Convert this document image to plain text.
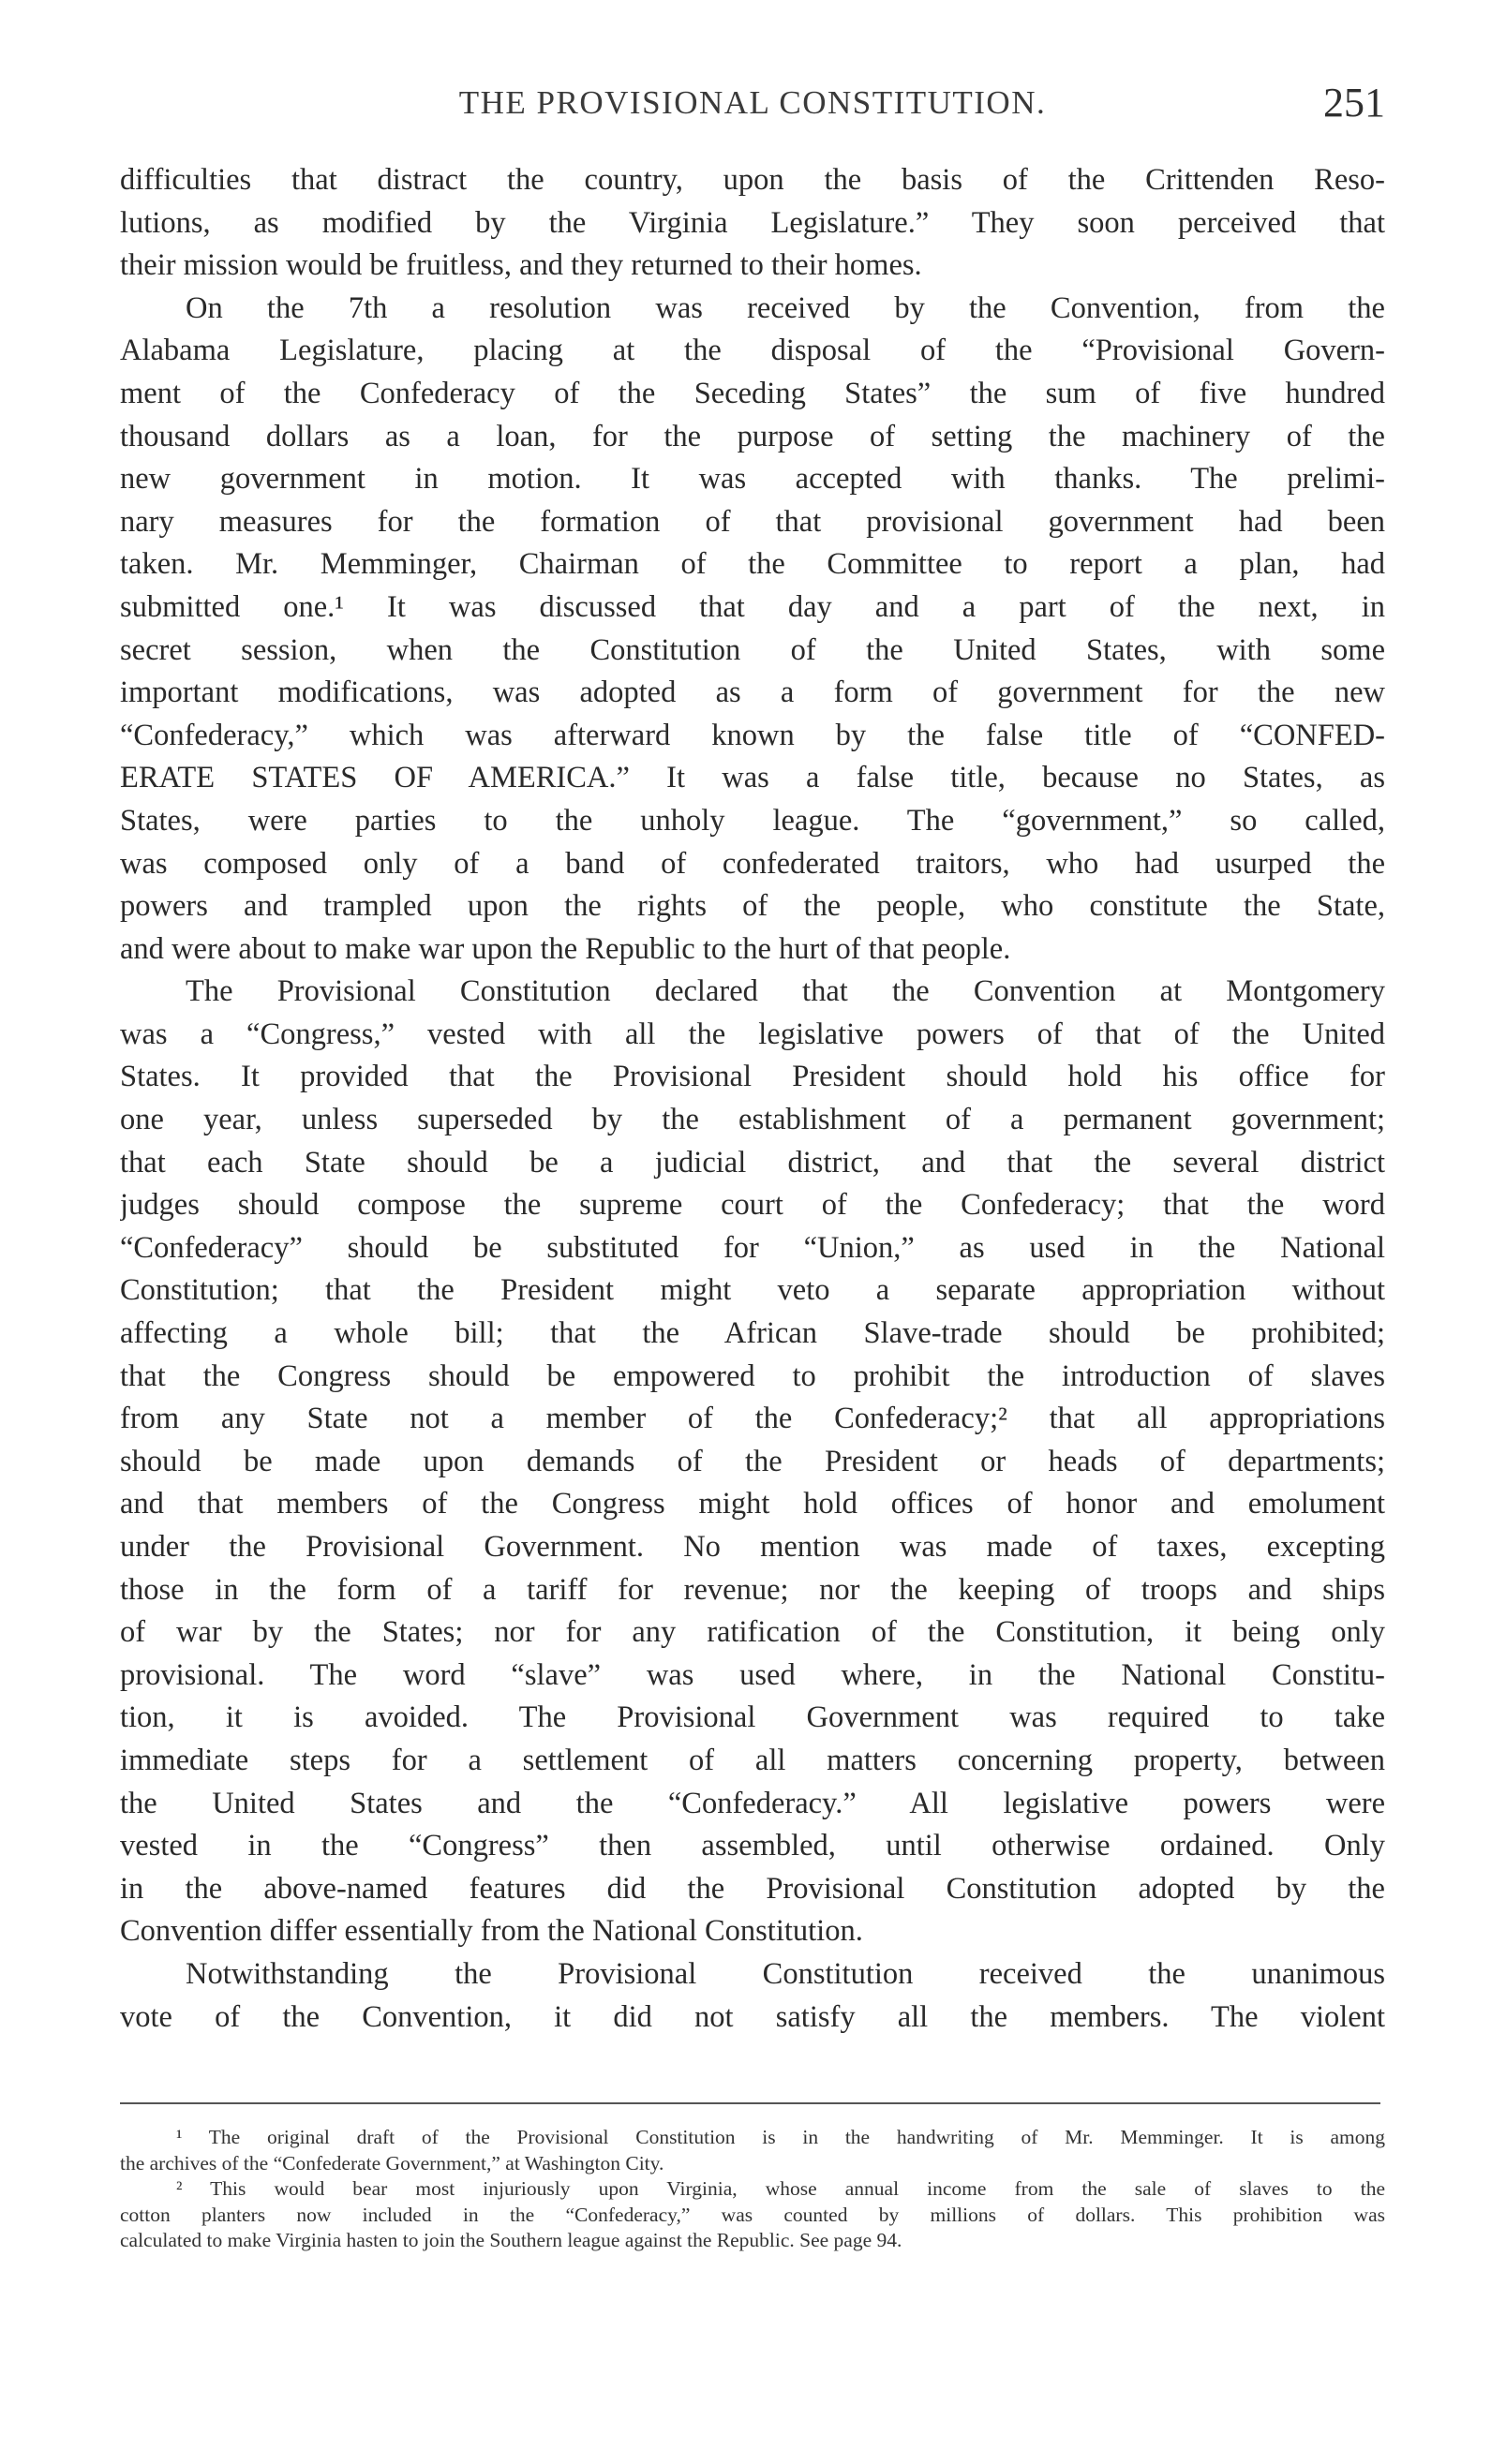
THE PROVISIONAL CONSTITUTION.	251
difficulties that distract the country, upon the basis of the Crittenden Reso-
lutions, as modified by the Virginia Legislature.” They soon perceived that
their mission would be fruitless, and they returned to their homes.
On the 7th a resolution was received by the Convention, from the
Alabama Legislature, placing at the disposal of the “Provisional Govern-
ment of the Confederacy of the Seceding States” the sum of five hundred
thousand dollars as a loan, for the purpose of setting the machinery of the
new government in motion. It was accepted with thanks. The prelimi-
nary measures for the formation of that provisional government had been
taken. Mr. Memminger, Chairman of the Committee to report a plan, had
submitted one.¹ It was discussed that day and a part of the next, in
secret session, when the Constitution of the United States, with some
important modifications, was adopted as a form of government for the new
“Confederacy,” which was afterward known by the false title of “CONFED-
ERATE STATES OF AMERICA.” It was a false title, because no States, as
States, were parties to the unholy league. The “government,” so called,
was composed only of a band of confederated traitors, who had usurped the
powers and trampled upon the rights of the people, who constitute the State,
and were about to make war upon the Republic to the hurt of that people.
The Provisional Constitution declared that the Convention at Montgomery
was a “Congress,” vested with all the legislative powers of that of the United
States. It provided that the Provisional President should hold his office for
one year, unless superseded by the establishment of a permanent government;
that each State should be a judicial district, and that the several district
judges should compose the supreme court of the Confederacy; that the word
“Confederacy” should be substituted for “Union,” as used in the National
Constitution; that the President might veto a separate appropriation without
affecting a whole bill; that the African Slave-trade should be prohibited;
that the Congress should be empowered to prohibit the introduction of slaves
from any State not a member of the Confederacy;² that all appropriations
should be made upon demands of the President or heads of departments;
and that members of the Congress might hold offices of honor and emolument
under the Provisional Government. No mention was made of taxes, excepting
those in the form of a tariff for revenue; nor the keeping of troops and ships
of war by the States; nor for any ratification of the Constitution, it being only
provisional. The word “slave” was used where, in the National Constitu-
tion, it is avoided. The Provisional Government was required to take
immediate steps for a settlement of all matters concerning property, between
the United States and the “Confederacy.” All legislative powers were
vested in the “Congress” then assembled, until otherwise ordained. Only
in the above-named features did the Provisional Constitution adopted by the
Convention differ essentially from the National Constitution.
Notwithstanding the Provisional Constitution received the unanimous
vote of the Convention, it did not satisfy all the members. The violent
¹ The original draft of the Provisional Constitution is in the handwriting of Mr. Memminger. It is among
the archives of the “Confederate Government,” at Washington City.
² This would bear most injuriously upon Virginia, whose annual income from the sale of slaves to the
cotton planters now included in the “Confederacy,” was counted by millions of dollars. This prohibition was
calculated to make Virginia hasten to join the Southern league against the Republic. See page 94.
